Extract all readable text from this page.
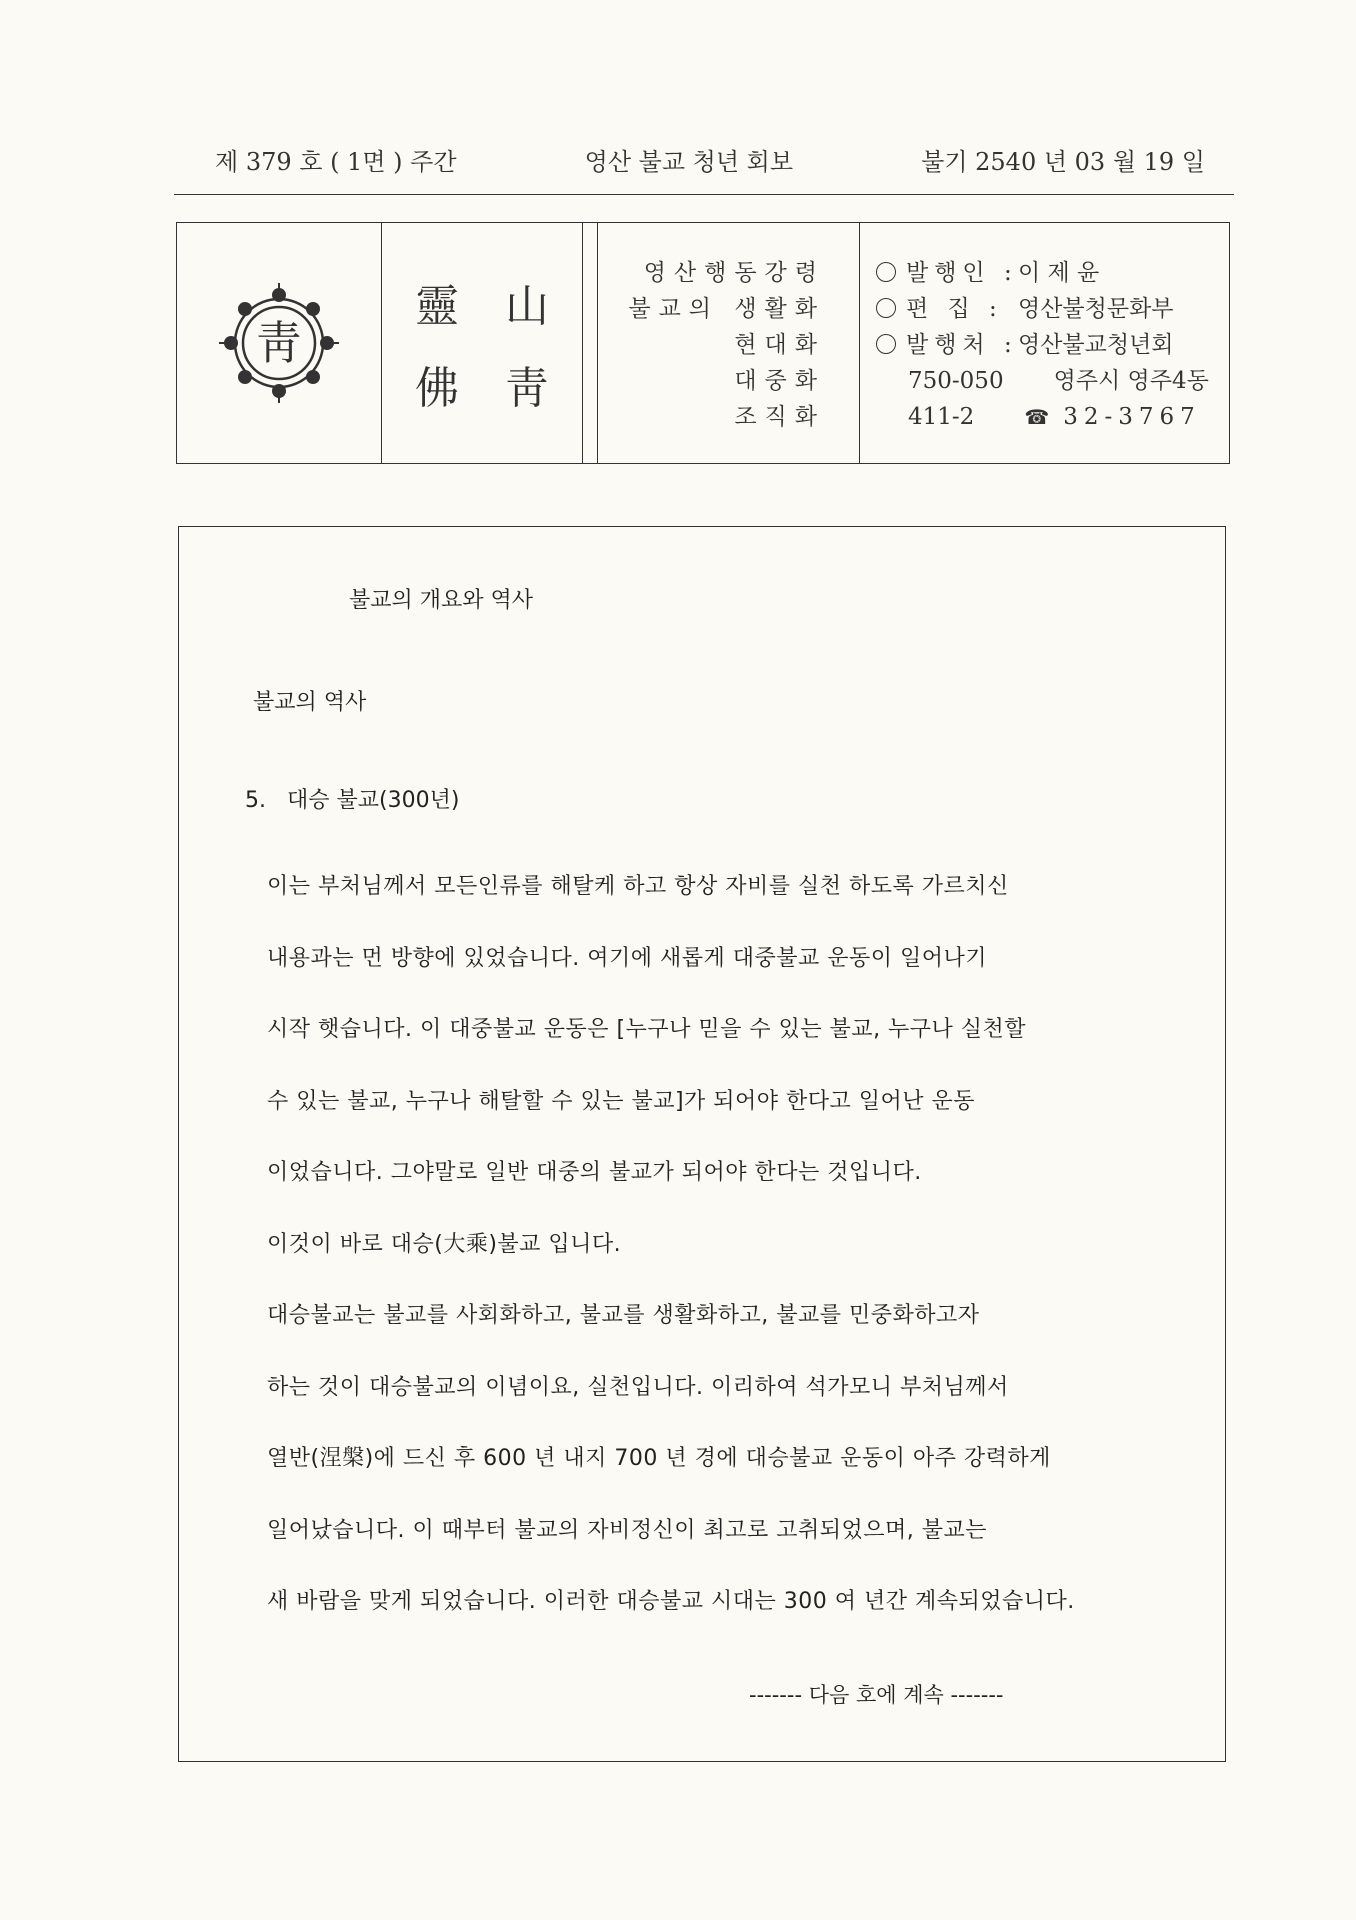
제 379 호 ( 1면 ) 주간	영산 불교 청년 회보	불기 2540 년 03 월 19 일
靑
靈	山
佛	靑
영산행동강령
불교의 생활화
현대화
대중화
조직화
발행인 :이 제 윤
편 집 : 영산불청문화부
발행처 :영산불교청년회
750-050 영주시 영주4동
411-2	☎ 32-3767
불교의 개요와 역사
불교의 역사
5. 대승 불교(300년)
이는 부처님께서 모든인류를 해탈케 하고 항상 자비를 실천 하도록 가르치신
내용과는 먼 방향에 있었습니다. 여기에 새롭게 대중불교 운동이 일어나기
시작 햇습니다. 이 대중불교 운동은 [누구나 믿을 수 있는 불교, 누구나 실천할
수 있는 불교, 누구나 해탈할 수 있는 불교]가 되어야 한다고 일어난 운동
이었습니다. 그야말로 일반 대중의 불교가 되어야 한다는 것입니다.
이것이 바로 대승(大乘)불교 입니다.
대승불교는 불교를 사회화하고, 불교를 생활화하고, 불교를 민중화하고자
하는 것이 대승불교의 이념이요, 실천입니다. 이리하여 석가모니 부처님께서
열반(涅槃)에 드신 후 600 년 내지 700 년 경에 대승불교 운동이 아주 강력하게
일어났습니다. 이 때부터 불교의 자비정신이 최고로 고취되었으며, 불교는
새 바람을 맞게 되었습니다. 이러한 대승불교 시대는 300 여 년간 계속되었습니다.
------- 다음 호에 계속 -------
